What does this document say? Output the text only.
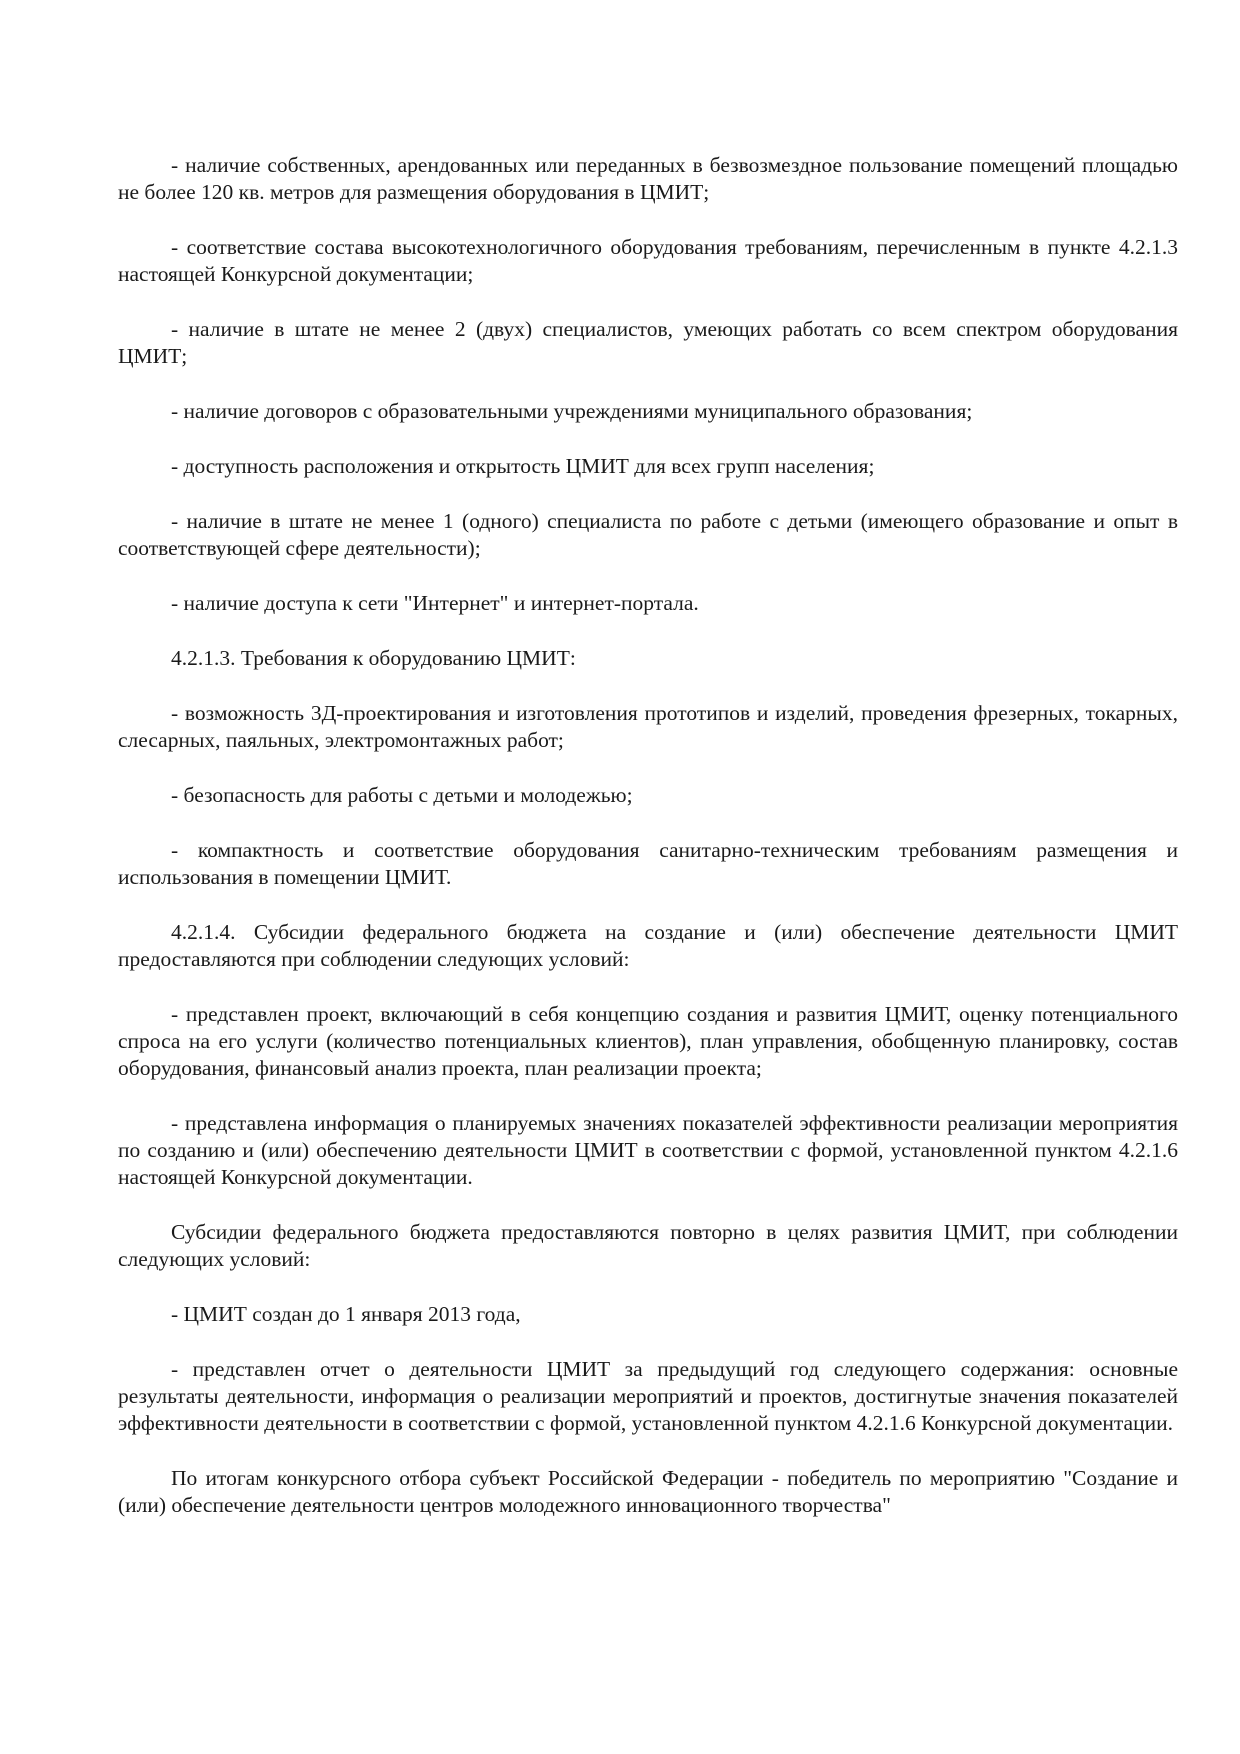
- наличие собственных, арендованных или переданных в безвозмездное пользование помещений площадью не более 120 кв. метров для размещения оборудования в ЦМИТ;

- соответствие состава высокотехнологичного оборудования требованиям, перечисленным в пункте 4.2.1.3 настоящей Конкурсной документации;

- наличие в штате не менее 2 (двух) специалистов, умеющих работать со всем спектром оборудования ЦМИТ;

- наличие договоров с образовательными учреждениями муниципального образования;

- доступность расположения и открытость ЦМИТ для всех групп населения;

- наличие в штате не менее 1 (одного) специалиста по работе с детьми (имеющего образование и опыт в соответствующей сфере деятельности);

- наличие доступа к сети "Интернет" и интернет-портала.

4.2.1.3. Требования к оборудованию ЦМИТ:

- возможность 3Д-проектирования и изготовления прототипов и изделий, проведения фрезерных, токарных, слесарных, паяльных, электромонтажных работ;

- безопасность для работы с детьми и молодежью;

- компактность и соответствие оборудования санитарно-техническим требованиям размещения и использования в помещении ЦМИТ.

4.2.1.4. Субсидии федерального бюджета на создание и (или) обеспечение деятельности ЦМИТ предоставляются при соблюдении следующих условий:

- представлен проект, включающий в себя концепцию создания и развития ЦМИТ, оценку потенциального спроса на его услуги (количество потенциальных клиентов), план управления, обобщенную планировку, состав оборудования, финансовый анализ проекта, план реализации проекта;

- представлена информация о планируемых значениях показателей эффективности реализации мероприятия по созданию и (или) обеспечению деятельности ЦМИТ в соответствии с формой, установленной пунктом 4.2.1.6 настоящей Конкурсной документации.

Субсидии федерального бюджета предоставляются повторно в целях развития ЦМИТ, при соблюдении следующих условий:

- ЦМИТ создан до 1 января 2013 года,

- представлен отчет о деятельности ЦМИТ за предыдущий год следующего содержания: основные результаты деятельности, информация о реализации мероприятий и проектов, достигнутые значения показателей эффективности деятельности в соответствии с формой, установленной пунктом 4.2.1.6 Конкурсной документации.

По итогам конкурсного отбора субъект Российской Федерации - победитель по мероприятию "Создание и (или) обеспечение деятельности центров молодежного инновационного творчества"
